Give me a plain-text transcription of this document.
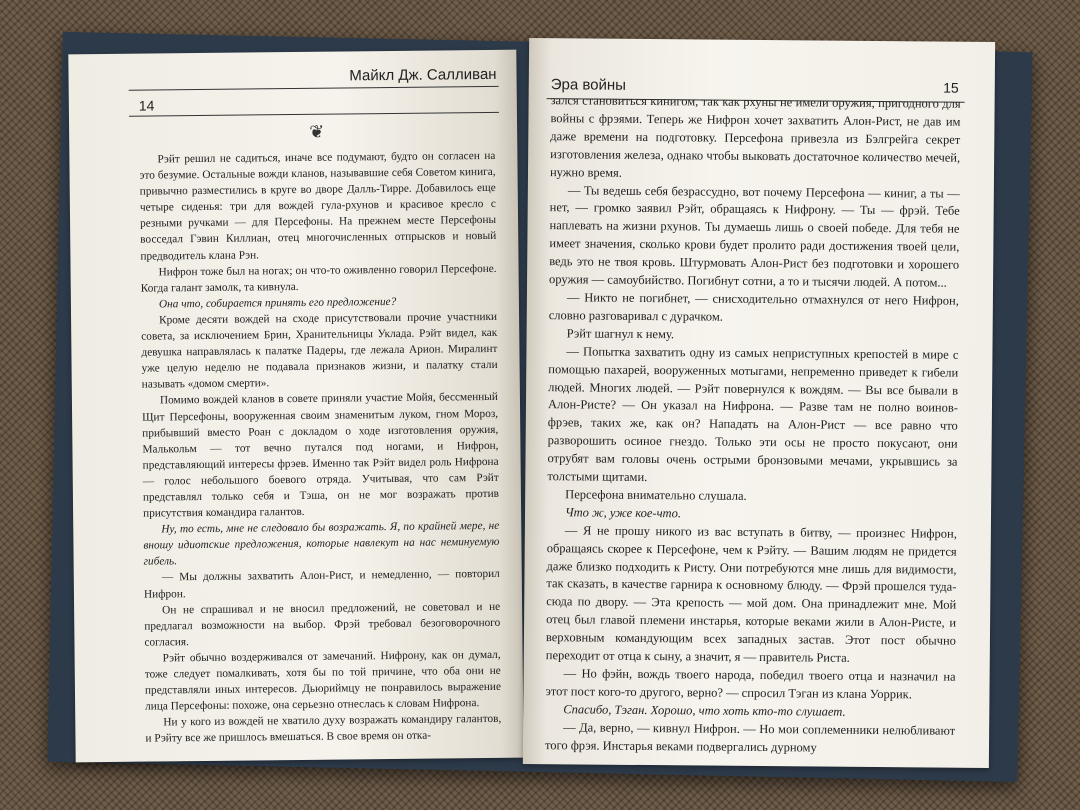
Майкл Дж. Салливан
14
❦

Рэйт решил не садиться, иначе все подумают, будто он согласен на это безумие. Остальные вожди кланов, называвшие себя Советом кинига, привычно разместились в круге во дворе Далль-Тирре. Добавилось еще четыре сиденья: три для вождей гула-рхунов и красивое кресло с резными ручками — для Персефоны. На прежнем месте Персефоны восседал Гэвин Киллиан, отец многочисленных отпрысков и новый предводитель клана Рэн.

Нифрон тоже был на ногах; он что-то оживленно говорил Персефоне. Когда галант замолк, та кивнула.

Она что, собирается принять его предложение?

Кроме десяти вождей на сходе присутствовали прочие участники совета, за исключением Брин, Хранительницы Уклада. Рэйт видел, как девушка направлялась к палатке Падеры, где лежала Арион. Миралинт уже целую неделю не подавала признаков жизни, и палатку стали называть «домом смерти».

Помимо вождей кланов в совете приняли участие Мойя, бессменный Щит Персефоны, вооруженная своим знаменитым луком, гном Мороз, прибывший вместо Роан с докладом о ходе изготовления оружия, Малькольм — тот вечно путался под ногами, и Нифрон, представляющий интересы фрэев. Именно так Рэйт видел роль Нифрона — голос небольшого боевого отряда. Учитывая, что сам Рэйт представлял только себя и Тэша, он не мог возражать против присутствия командира галантов.

Ну, то есть, мне не следовало бы возражать. Я, по крайней мере, не вношу идиотские предложения, которые навлекут на нас неминуемую гибель.

— Мы должны захватить Алон-Рист, и немедленно, — повторил Нифрон.

Он не спрашивал и не вносил предложений, не советовал и не предлагал возможности на выбор. Фрэй требовал безоговорочного согласия.

Рэйт обычно воздерживался от замечаний. Нифрону, как он думал, тоже следует помалкивать, хотя бы по той причине, что оба они не представляли иных интересов. Дьюриймцу не понравилось выражение лица Персефоны: похоже, она серьезно отнеслась к словам Нифрона.

Ни у кого из вождей не хватило духу возражать командиру галантов, и Рэйту все же пришлось вмешаться. В свое время он отка-

Эра войны	15

зался становиться кинигом, так как рхуны не имели оружия, пригодного для войны с фрэями. Теперь же Нифрон хочет захватить Алон-Рист, не дав им даже времени на подготовку. Персефона привезла из Бэлгрейга секрет изготовления железа, однако чтобы выковать достаточное количество мечей, нужно время.

— Ты ведешь себя безрассудно, вот почему Персефона — киниг, а ты — нет, — громко заявил Рэйт, обращаясь к Нифрону. — Ты — фрэй. Тебе наплевать на жизни рхунов. Ты думаешь лишь о своей победе. Для тебя не имеет значения, сколько крови будет пролито ради достижения твоей цели, ведь это не твоя кровь. Штурмовать Алон-Рист без подготовки и хорошего оружия — самоубийство. Погибнут сотни, а то и тысячи людей. А потом...

— Никто не погибнет, — снисходительно отмахнулся от него Нифрон, словно разговаривал с дурачком.

Рэйт шагнул к нему.

— Попытка захватить одну из самых неприступных крепостей в мире с помощью пахарей, вооруженных мотыгами, непременно приведет к гибели людей. Многих людей. — Рэйт повернулся к вождям. — Вы все бывали в Алон-Ристе? — Он указал на Нифрона. — Разве там не полно воинов-фрэев, таких же, как он? Нападать на Алон-Рист — все равно что разворошить осиное гнездо. Только эти осы не просто покусают, они отрубят вам головы очень острыми бронзовыми мечами, укрывшись за толстыми щитами.

Персефона внимательно слушала.

Что ж, уже кое-что.

— Я не прошу никого из вас вступать в битву, — произнес Нифрон, обращаясь скорее к Персефоне, чем к Рэйту. — Вашим людям не придется даже близко подходить к Ристу. Они потребуются мне лишь для видимости, так сказать, в качестве гарнира к основному блюду. — Фрэй прошелся туда-сюда по двору. — Эта крепость — мой дом. Она принадлежит мне. Мой отец был главой племени инстарья, которые веками жили в Алон-Ристе, и верховным командующим всех западных застав. Этот пост обычно переходит от отца к сыну, а значит, я — правитель Риста.

— Но фэйн, вождь твоего народа, победил твоего отца и назначил на этот пост кого-то другого, верно? — спросил Тэган из клана Уоррик.

Спасибо, Тэган. Хорошо, что хоть кто-то слушает.

— Да, верно, — кивнул Нифрон. — Но мои соплеменники нелюбливают того фрэя. Инстарья веками подвергались дурному
